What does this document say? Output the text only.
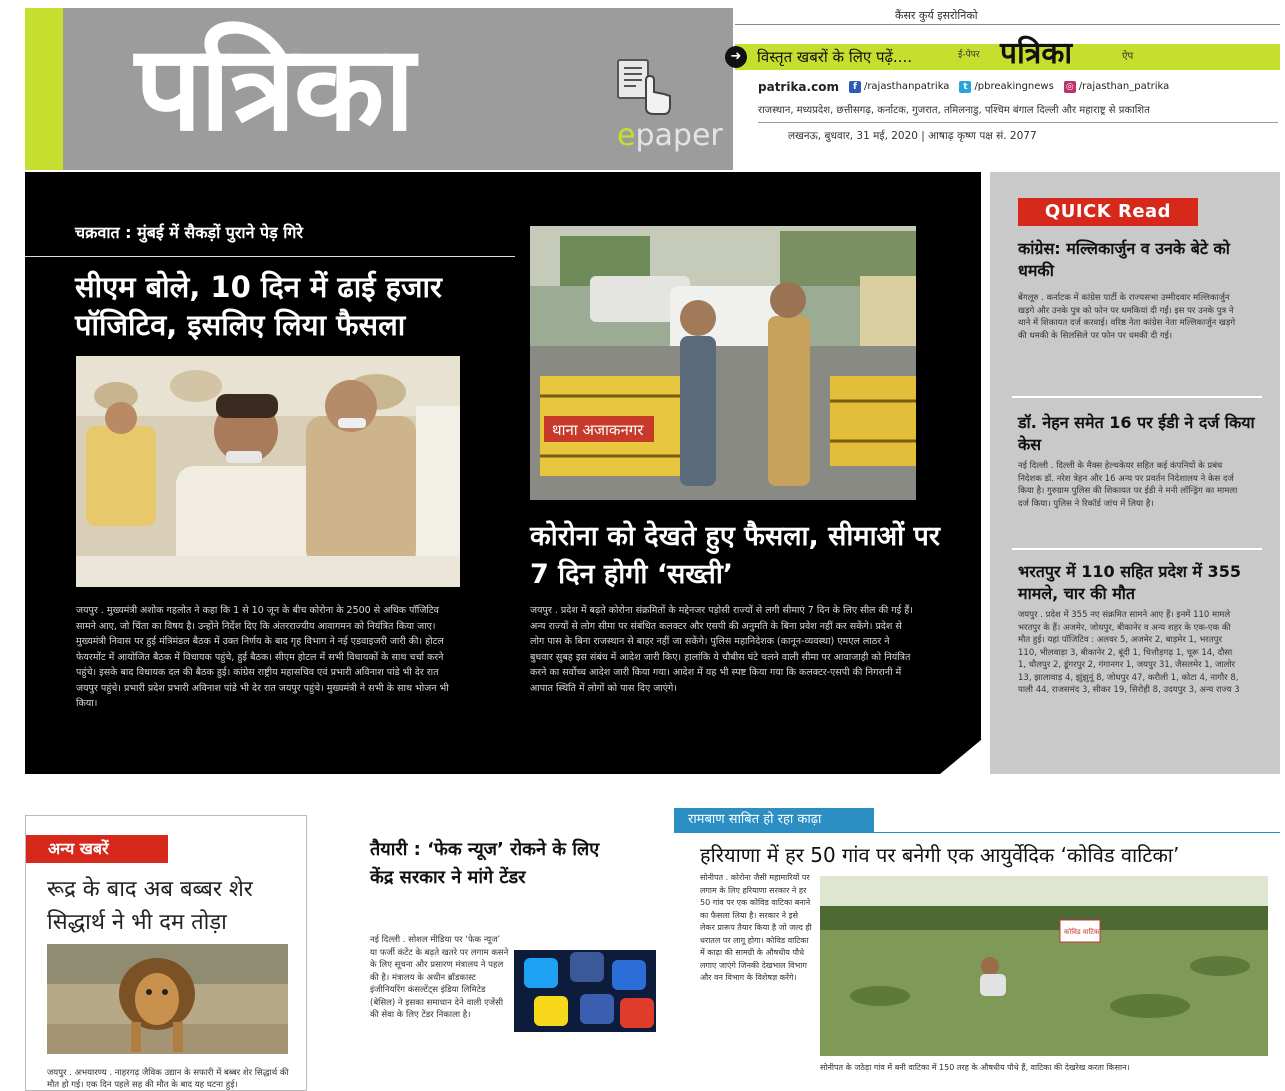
पत्रिका	epaper
कैंसर कुर्य इसरोनिको
➜	विस्तृत खबरों के लिए पढ़ें....	ई-पेपर पत्रिका	ऐप
patrika.com	f /rajasthanpatrika	t /pbreakingnews ◎ /rajasthan_patrika
राजस्थान, मध्यप्रदेश, छत्तीसगढ़, कर्नाटक, गुजरात, तमिलनाडु, पश्चिम बंगाल दिल्ली और महाराष्ट्र से प्रकाशित
लखनऊ, बुधवार, 31 मई, 2020 | आषाढ़ कृष्ण पक्ष सं. 2077
चक्रवात : मुंबई में सैकड़ों पुराने पेड़ गिरे
सीएम बोले, 10 दिन में ढाई हजार पॉजिटिव, इसलिए लिया फैसला
जयपुर . मुख्यमंत्री अशोक गहलोत ने कहा कि 1 से 10 जून के बीच कोरोना के 2500 से अधिक पॉजिटिव सामने आए, जो चिंता का विषय है। उन्होंने निर्देश दिए कि अंतरराज्यीय आवागमन को नियंत्रित किया जाए। मुख्यमंत्री निवास पर हुई मंत्रिमंडल बैठक में उक्त निर्णय के बाद गृह विभाग ने नई एडवाइजरी जारी की। होटल फेयरमोंट में आयोजित बैठक में विधायक पहुंचे, हुई बैठक। सीएम होटल में सभी विधायकों के साथ चर्चा करने पहुंचे। इसके बाद विधायक दल की बैठक हुई। कांग्रेस राष्ट्रीय महासचिव एवं प्रभारी अविनाश पांडे भी देर रात जयपुर पहुंचे। प्रभारी प्रदेश प्रभारी अविनाश पांडे भी देर रात जयपुर पहुंचे। मुख्यमंत्री ने सभी के साथ भोजन भी किया।
थाना अजाकनगर
कोरोना को देखते हुए फैसला, सीमाओं पर 7 दिन होगी ‘सख्ती’
जयपुर . प्रदेश में बढ़ते कोरोना संक्रमितों के मद्देनजर पड़ोसी राज्यों से लगी सीमाएं 7 दिन के लिए सील की गई हैं। अन्य राज्यों से लोग सीमा पर संबंधित कलक्टर और एसपी की अनुमति के बिना प्रवेश नहीं कर सकेंगे। प्रदेश से लोग पास के बिना राजस्थान से बाहर नहीं जा सकेंगे। पुलिस महानिदेशक (कानून-व्यवस्था) एमएल लाठर ने बुधवार सुबह इस संबंध में आदेश जारी किए। हालांकि ये चौबीस घंटे चलने वाली सीमा पर आवाजाही को नियंत्रित करने का सर्वोच्च आदेश जारी किया गया। आदेश में यह भी स्पष्ट किया गया कि कलक्टर-एसपी की निगरानी में आपात स्थिति में लोगों को पास दिए जाएंगे।
QUICK Read
कांग्रेस: मल्लिकार्जुन व उनके बेटे को धमकी
बेंगलूरु . कर्नाटक में कांग्रेस पार्टी के राज्यसभा उम्मीदवार मल्लिकार्जुन खड़गे और उनके पुत्र को फोन पर धमकियां दी गईं। इस पर उनके पुत्र ने थाने में शिकायत दर्ज करवाई। वरिष्ठ नेता कांग्रेस नेता मल्लिकार्जुन खड़गे की धमकी के सिलसिले पर फोन पर धमकी दी गई।
डॉ. नेहन समेत 16 पर ईडी ने दर्ज किया केस
नई दिल्ली . दिल्ली के मैक्स हेल्थकेयर सहित कई कंपनियों के प्रबंध निदेशक डॉ. नरेश त्रेहन और 16 अन्य पर प्रवर्तन निदेशालय ने केस दर्ज किया है। गुरुग्राम पुलिस की शिकायत पर ईडी ने मनी लॉन्ड्रिंग का मामला दर्ज किया। पुलिस ने रिकॉर्ड जांच में लिया है।
भरतपुर में 110 सहित प्रदेश में 355 मामले, चार की मौत
जयपुर . प्रदेश में 355 नए संक्रमित सामने आए हैं। इनमें 110 मामले भरतपुर के हैं। अजमेर, जोधपुर, बीकानेर व अन्य शहर के एक-एक की मौत हुई। यहां पॉजिटिव : अलवर 5, अजमेर 2, बाड़मेर 1, भरतपुर 110, भीलवाड़ा 3, बीकानेर 2, बूंदी 1, चित्तौड़गढ़ 1, चूरू 14, दौसा 1, धौलपुर 2, डूंगरपुर 2, गंगानगर 1, जयपुर 31, जैसलमेर 1, जालोर 13, झालावाड़ 4, झुंझुनूं 8, जोधपुर 47, करौली 1, कोटा 4, नागौर 8, पाली 44, राजसमंद 3, सीकर 19, सिरोही 8, उदयपुर 3, अन्य राज्य 3
अन्य खबरें
रूद्र के बाद अब बब्बर शेर सिद्धार्थ ने भी दम तोड़ा
जयपुर . अभयारण्य . नाहरगढ़ जैविक उद्यान के सफारी में बब्बर शेर सिद्धार्थ की मौत हो गई। एक दिन पहले सह की मौत के बाद यह घटना हुई।
तैयारी : ‘फेक न्यूज’ रोकने के लिए केंद्र सरकार ने मांगे टेंडर
नई दिल्ली . सोशल मीडिया पर ‘फेक न्यूज’ या फर्जी कंटेंट के बढ़ते खतरे पर लगाम कसने के लिए सूचना और प्रसारण मंत्रालय ने पहल की है। मंत्रालय के अधीन ब्रॉडकास्ट इंजीनियरिंग कंसल्टेंट्स इंडिया लिमिटेड (बेसिल) ने इसका समाधान देने वाली एजेंसी की सेवा के लिए टेंडर निकाला है।
रामबाण साबित हो रहा काढ़ा
हरियाणा में हर 50 गांव पर बनेगी एक आयुर्वेदिक ‘कोविड वाटिका’
सोनीपत . कोरोना जैसी महामारियों पर लगाम के लिए हरियाणा सरकार ने हर 50 गांव पर एक कोविड वाटिका बनाने का फैसला लिया है। सरकार ने इसे लेकर प्रारूप तैयार किया है जो जल्द ही धरातल पर लागू होगा। कोविड वाटिका में काढ़ा की सामग्री के औषधीय पौधे लगाए जाएंगे जिनकी देखभाल विभाग और वन विभाग के विशेषज्ञ करेंगे।
कोविड वाटिका
सोनीपत के जठेड़ा गांव में बनी वाटिका में 150 तरह के औषधीय पौधे हैं, वाटिका की देखरेख करता किसान।
